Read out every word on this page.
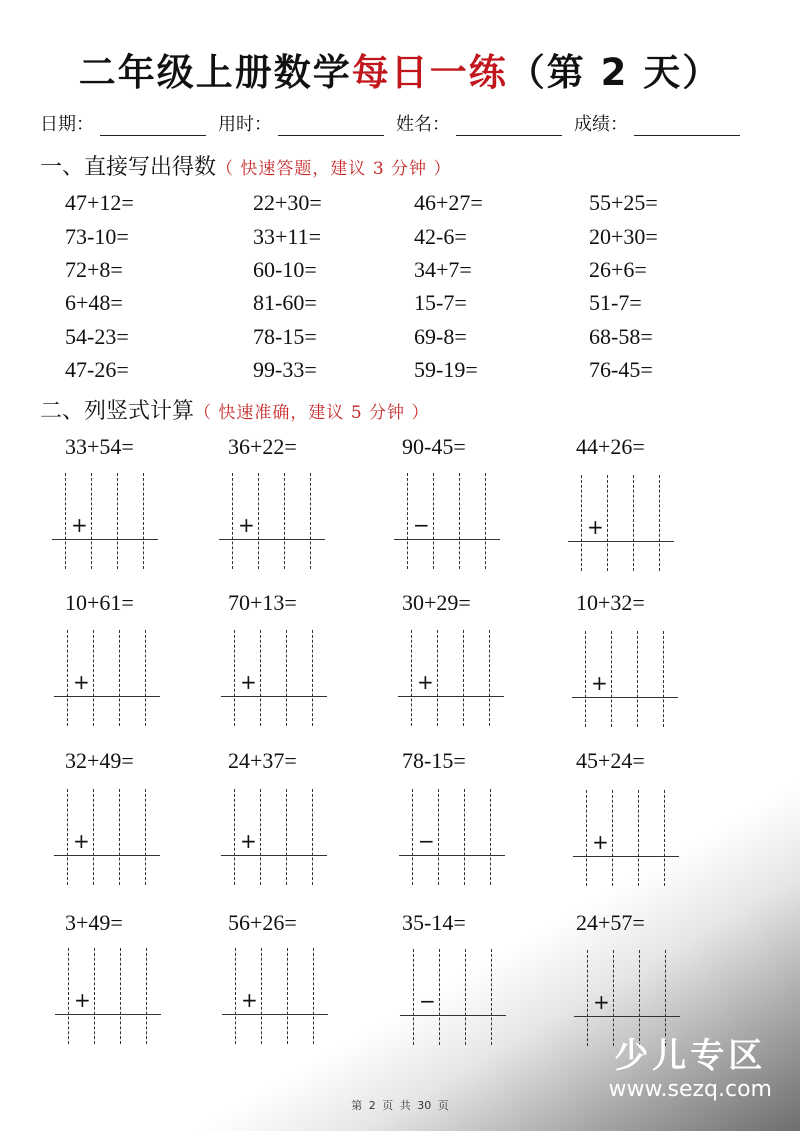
二年级上册数学每日一练（第 2 天）
日期：	用时：	姓名：	成绩：
一、直接写出得数（ 快速答题，建议 3 分钟 ）
47+12=	22+30=	46+27=	55+25=
73-10=	33+11=	42-6=	20+30=
72+8=	60-10=	34+7=	26+6=
6+48=	81-60=	15-7=	51-7=
54-23=	78-15=	69-8=	68-58=
47-26=	99-33=	59-19=	76-45=
二、列竖式计算（ 快速准确，建议 5 分钟 ）
33+54=
+
36+22=
+
90-45=
−
44+26=
+
10+61=
+
70+13=
+
30+29=
+
10+32=
+
32+49=
+
24+37=
+
78-15=
−
45+24=
+
3+49=
+
56+26=
+
35-14=
−
24+57=
+
第 2 页 共 30 页
少儿专区
www.sezq.com
